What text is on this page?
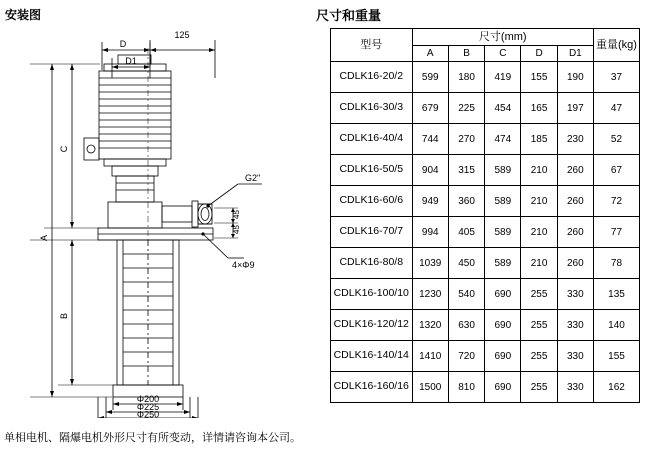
安装图
D
125
D1
A
B
C
G2"
45
45
4×Φ9
Φ200
Φ225
Φ250
单相电机、隔爆电机外形尺寸有所变动，详情请咨询本公司。
尺寸和重量
型号	尺寸(mm)					重量(kg)
	A	B	C	D	D1	
CDLK16-20/2	599	180	419	155	190	37
CDLK16-30/3	679	225	454	165	197	47
CDLK16-40/4	744	270	474	185	230	52
CDLK16-50/5	904	315	589	210	260	67
CDLK16-60/6	949	360	589	210	260	72
CDLK16-70/7	994	405	589	210	260	77
CDLK16-80/8	1039	450	589	210	260	78
CDLK16-100/10	1230	540	690	255	330	135
CDLK16-120/12	1320	630	690	255	330	140
CDLK16-140/14	1410	720	690	255	330	155
CDLK16-160/16	1500	810	690	255	330	162
